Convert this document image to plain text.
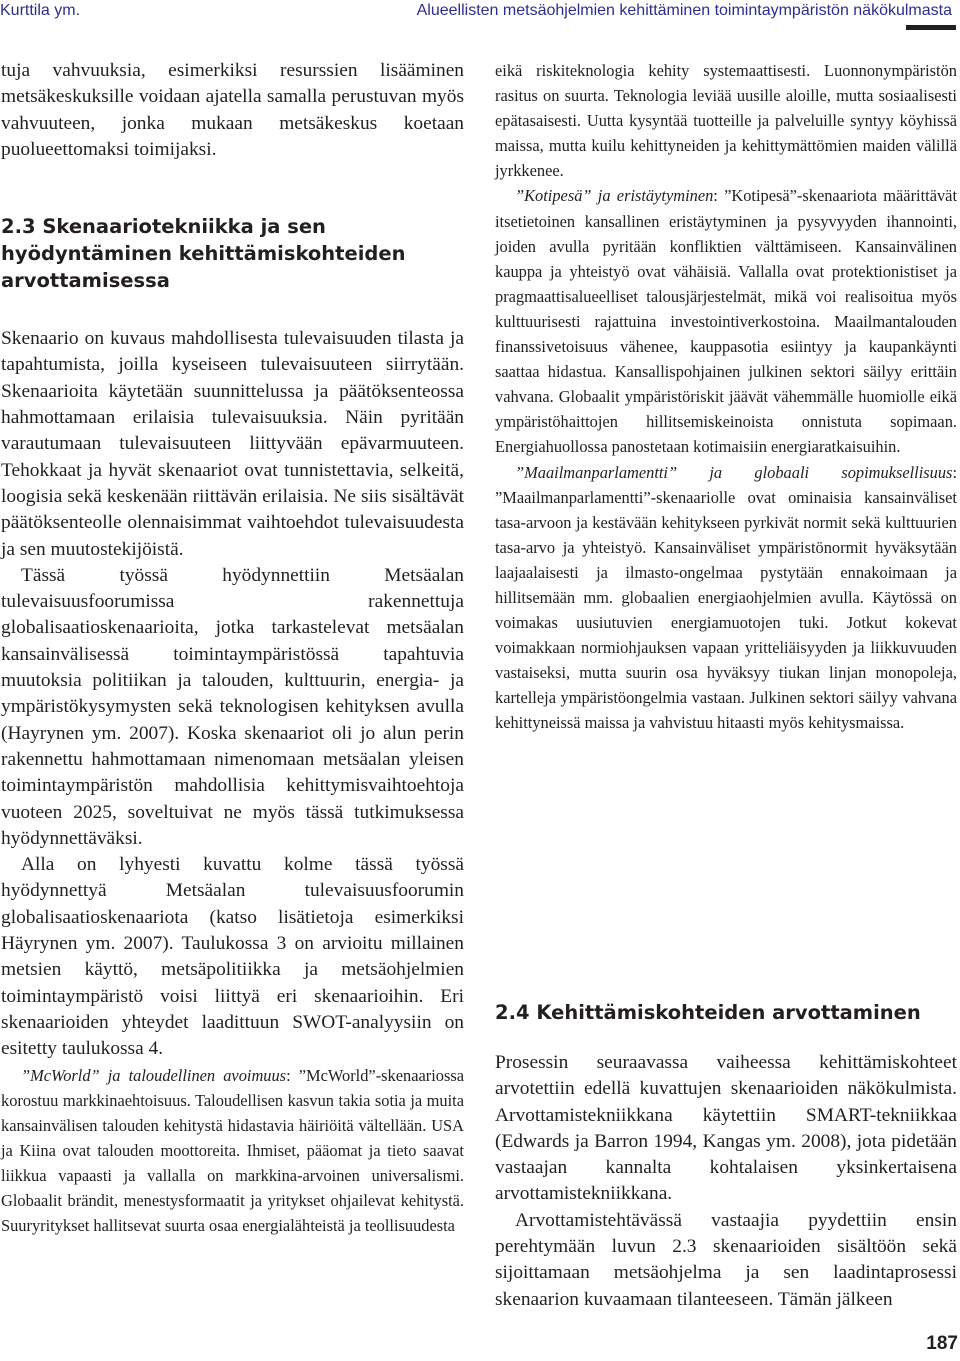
Kurttila ym.	Alueellisten metsäohjelmien kehittäminen toimintaympäristön näkökulmasta

tuja vahvuuksia, esimerkiksi resurssien lisääminen metsäkeskuksille voidaan ajatella samalla perustuvan myös vahvuuteen, jonka mukaan metsäkeskus koetaan puolueettomaksi toimijaksi.

2.3 Skenaariotekniikka ja sen hyödyntäminen kehittämiskohteiden arvottamisessa

Skenaario on kuvaus mahdollisesta tulevaisuuden tilasta ja tapahtumista, joilla kyseiseen tulevaisuuteen siirrytään. Skenaarioita käytetään suunnittelussa ja päätöksenteossa hahmottamaan erilaisia tulevaisuuksia. Näin pyritään varautumaan tulevaisuuteen liittyvään epävarmuuteen. Tehokkaat ja hyvät skenaariot ovat tunnistettavia, selkeitä, loogisia sekä keskenään riittävän erilaisia. Ne siis sisältävät päätöksenteolle olennaisimmat vaihtoehdot tulevaisuudesta ja sen muutostekijöistä.

Tässä työssä hyödynnettiin Metsäalan tulevaisuusfoorumissa rakennettuja globalisaatioskenaarioita, jotka tarkastelevat metsäalan kansainvälisessä toimintaympäristössä tapahtuvia muutoksia politiikan ja talouden, kulttuurin, energia- ja ympäristökysymysten sekä teknologisen kehityksen avulla (Hayrynen ym. 2007). Koska skenaariot oli jo alun perin rakennettu hahmottamaan nimenomaan metsäalan yleisen toimintaympäristön mahdollisia kehittymisvaihtoehtoja vuoteen 2025, soveltuivat ne myös tässä tutkimuksessa hyödynnettäväksi.

Alla on lyhyesti kuvattu kolme tässä työssä hyödynnettyä Metsäalan tulevaisuusfoorumin globalisaatioskenaariota (katso lisätietoja esimerkiksi Häyrynen ym. 2007). Taulukossa 3 on arvioitu millainen metsien käyttö, metsäpolitiikka ja metsäohjelmien toimintaympäristö voisi liittyä eri skenaarioihin. Eri skenaarioiden yhteydet laadittuun SWOT-analyysiin on esitetty taulukossa 4.

”McWorld” ja taloudellinen avoimuus: ”McWorld”-skenaariossa korostuu markkinaehtoisuus. Taloudellisen kasvun takia sotia ja muita kansainvälisen talouden kehitystä hidastavia häiriöitä vältellään. USA ja Kiina ovat talouden moottoreita. Ihmiset, pääomat ja tieto saavat liikkua vapaasti ja vallalla on markkina-arvoinen universalismi. Globaalit brändit, menestysformaatit ja yritykset ohjailevat kehitystä. Suuryritykset hallitsevat suurta osaa energialähteistä ja teollisuudesta

eikä riskiteknologia kehity systemaattisesti. Luonnonympäristön rasitus on suurta. Teknologia leviää uusille aloille, mutta sosiaalisesti epätasaisesti. Uutta kysyntää tuotteille ja palveluille syntyy köyhissä maissa, mutta kuilu kehittyneiden ja kehittymättömien maiden välillä jyrkkenee.

”Kotipesä” ja eristäytyminen: ”Kotipesä”-skenaariota määrittävät itsetietoinen kansallinen eristäytyminen ja pysyvyyden ihannointi, joiden avulla pyritään konfliktien välttämiseen. Kansainvälinen kauppa ja yhteistyö ovat vähäisiä. Vallalla ovat protektionistiset ja pragmaattisalueelliset talousjärjestelmät, mikä voi realisoitua myös kulttuurisesti rajattuina investointiverkostoina. Maailmantalouden finanssivetoisuus vähenee, kauppasotia esiintyy ja kaupankäynti saattaa hidastua. Kansallispohjainen julkinen sektori säilyy erittäin vahvana. Globaalit ympäristöriskit jäävät vähemmälle huomiolle eikä ympäristöhaittojen hillitsemiskeinoista onnistuta sopimaan. Energiahuollossa panostetaan kotimaisiin energiaratkaisuihin.

”Maailmanparlamentti” ja globaali sopimuksellisuus: ”Maailmanparlamentti”-skenaariolle ovat ominaisia kansainväliset tasa-arvoon ja kestävään kehitykseen pyrkivät normit sekä kulttuurien tasa-arvo ja yhteistyö. Kansainväliset ympäristönormit hyväksytään laajaalaisesti ja ilmasto-ongelmaa pystytään ennakoimaan ja hillitsemään mm. globaalien energiaohjelmien avulla. Käytössä on voimakas uusiutuvien energiamuotojen tuki. Jotkut kokevat voimakkaan normiohjauksen vapaan yritteliäisyyden ja liikkuvuuden vastaiseksi, mutta suurin osa hyväksyy tiukan linjan monopoleja, kartelleja ympäristöongelmia vastaan. Julkinen sektori säilyy vahvana kehittyneissä maissa ja vahvistuu hitaasti myös kehitysmaissa.

2.4 Kehittämiskohteiden arvottaminen

Prosessin seuraavassa vaiheessa kehittämiskohteet arvotettiin edellä kuvattujen skenaarioiden näkökulmista. Arvottamistekniikkana käytettiin SMART-tekniikkaa (Edwards ja Barron 1994, Kangas ym. 2008), jota pidetään vastaajan kannalta kohtalaisen yksinkertaisena arvottamistekniikkana.

Arvottamistehtävässä vastaajia pyydettiin ensin perehtymään luvun 2.3 skenaarioiden sisältöön sekä sijoittamaan metsäohjelma ja sen laadintaprosessi skenaarion kuvaamaan tilanteeseen. Tämän jälkeen

187
